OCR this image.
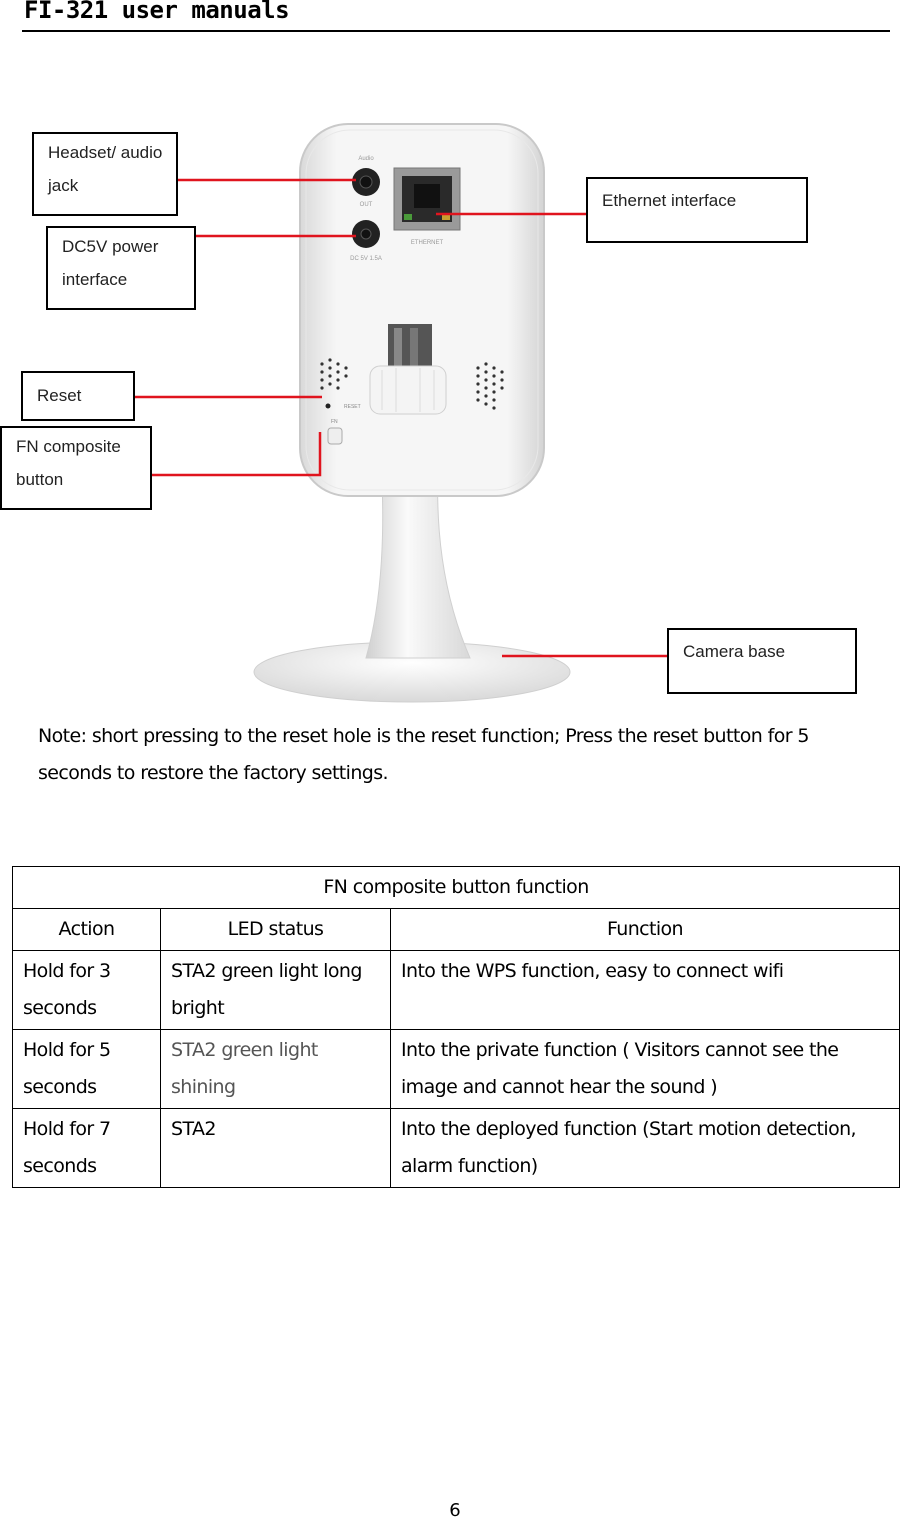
FI-321 user manuals
Audio
OUT
DC 5V 1.5A
ETHERNET
RESET
FN
Headset/ audio jack
DC5V power interface
Reset
FN composite button
Ethernet interface
Camera base
Note: short pressing to the reset hole is the reset function; Press the reset button for 5 seconds to restore the factory settings.
FN composite button function		
Action	LED status	Function
Hold for 3 seconds	STA2 green light long bright	Into the WPS function, easy to connect wifi
Hold for 5 seconds	STA2 green light shining	Into the private function ( Visitors cannot see the image and cannot hear the sound )
Hold for 7 seconds	STA2	Into the deployed function (Start motion detection, alarm function)
6
